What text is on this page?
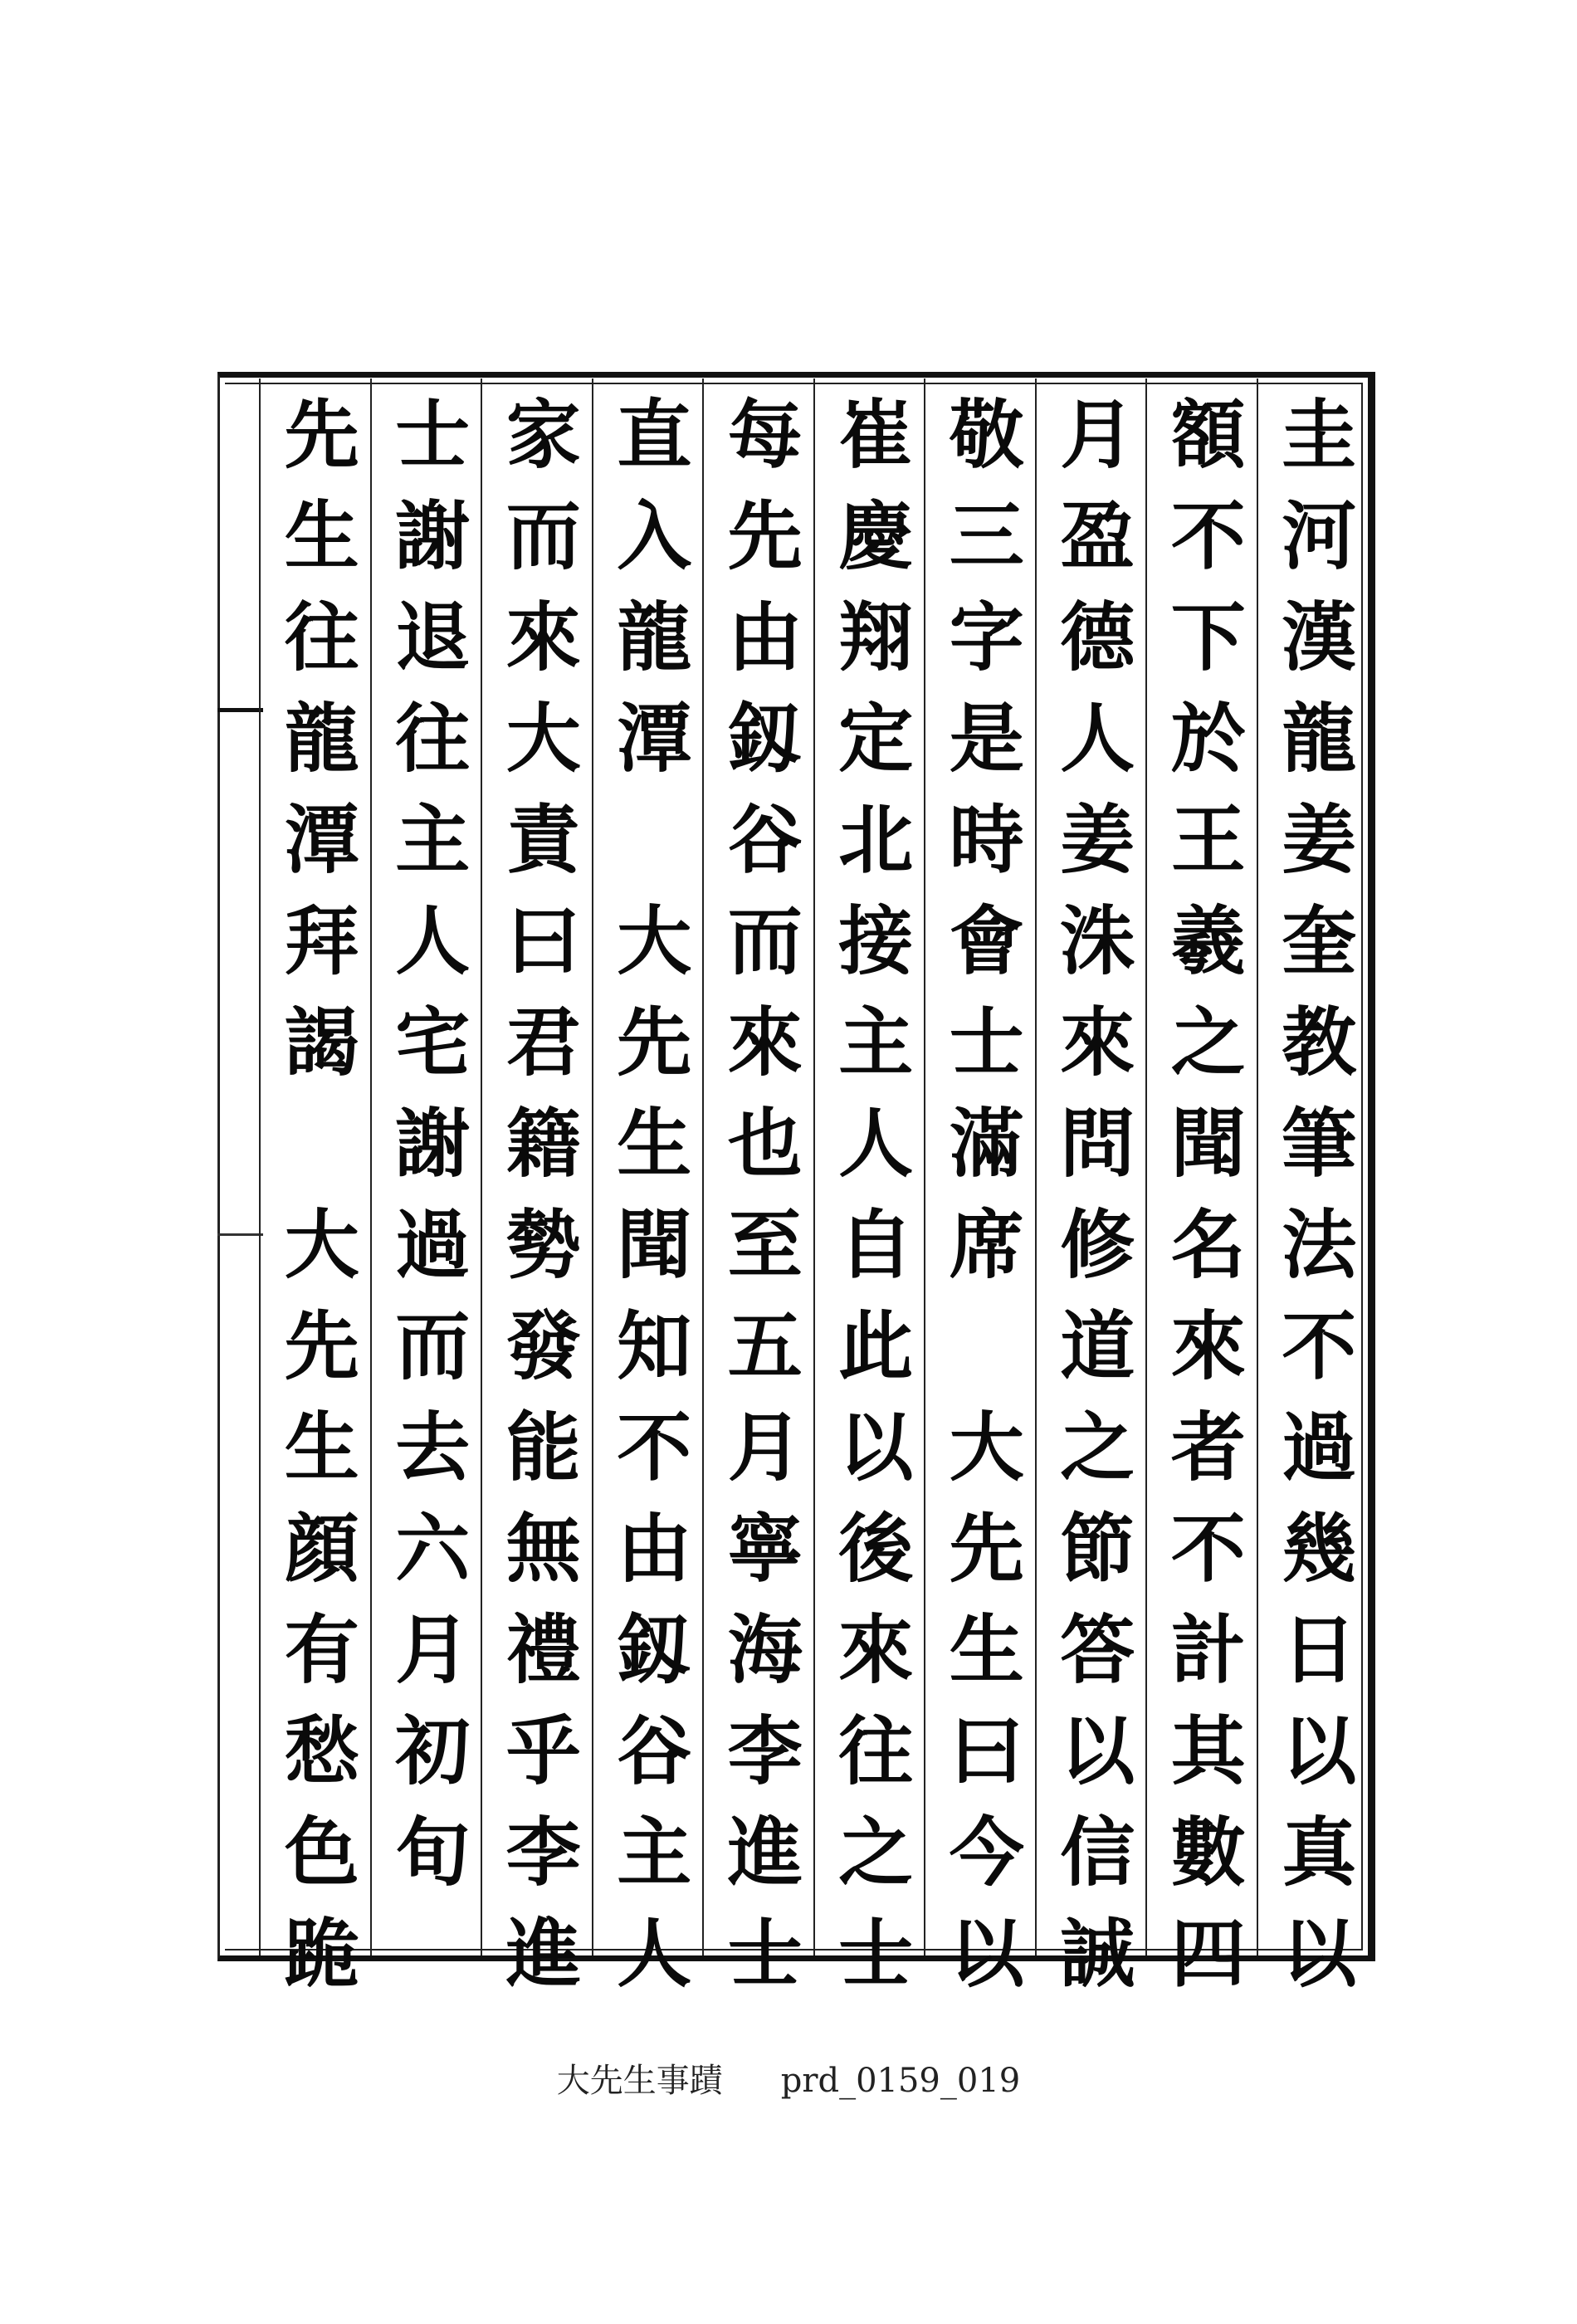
圭河漢龍姜奎教筆法不過幾日以真以
額不下於王羲之聞名來者不計其數四
月盈德人姜洙來問修道之節答以信誠
敬三字是時會士滿席　大先生曰今以
崔慶翔定北接主人自此以後來往之士
每先由釼谷而來也至五月寧海李進士
直入龍潭　大先生聞知不由釼谷主人
家而來大責曰君籍勢發能無禮乎李進
士謝退往主人宅謝過而去六月初旬
先生往龍潭拜謁　大先生顔有愁色跪
大先生事蹟 prd_0159_019
